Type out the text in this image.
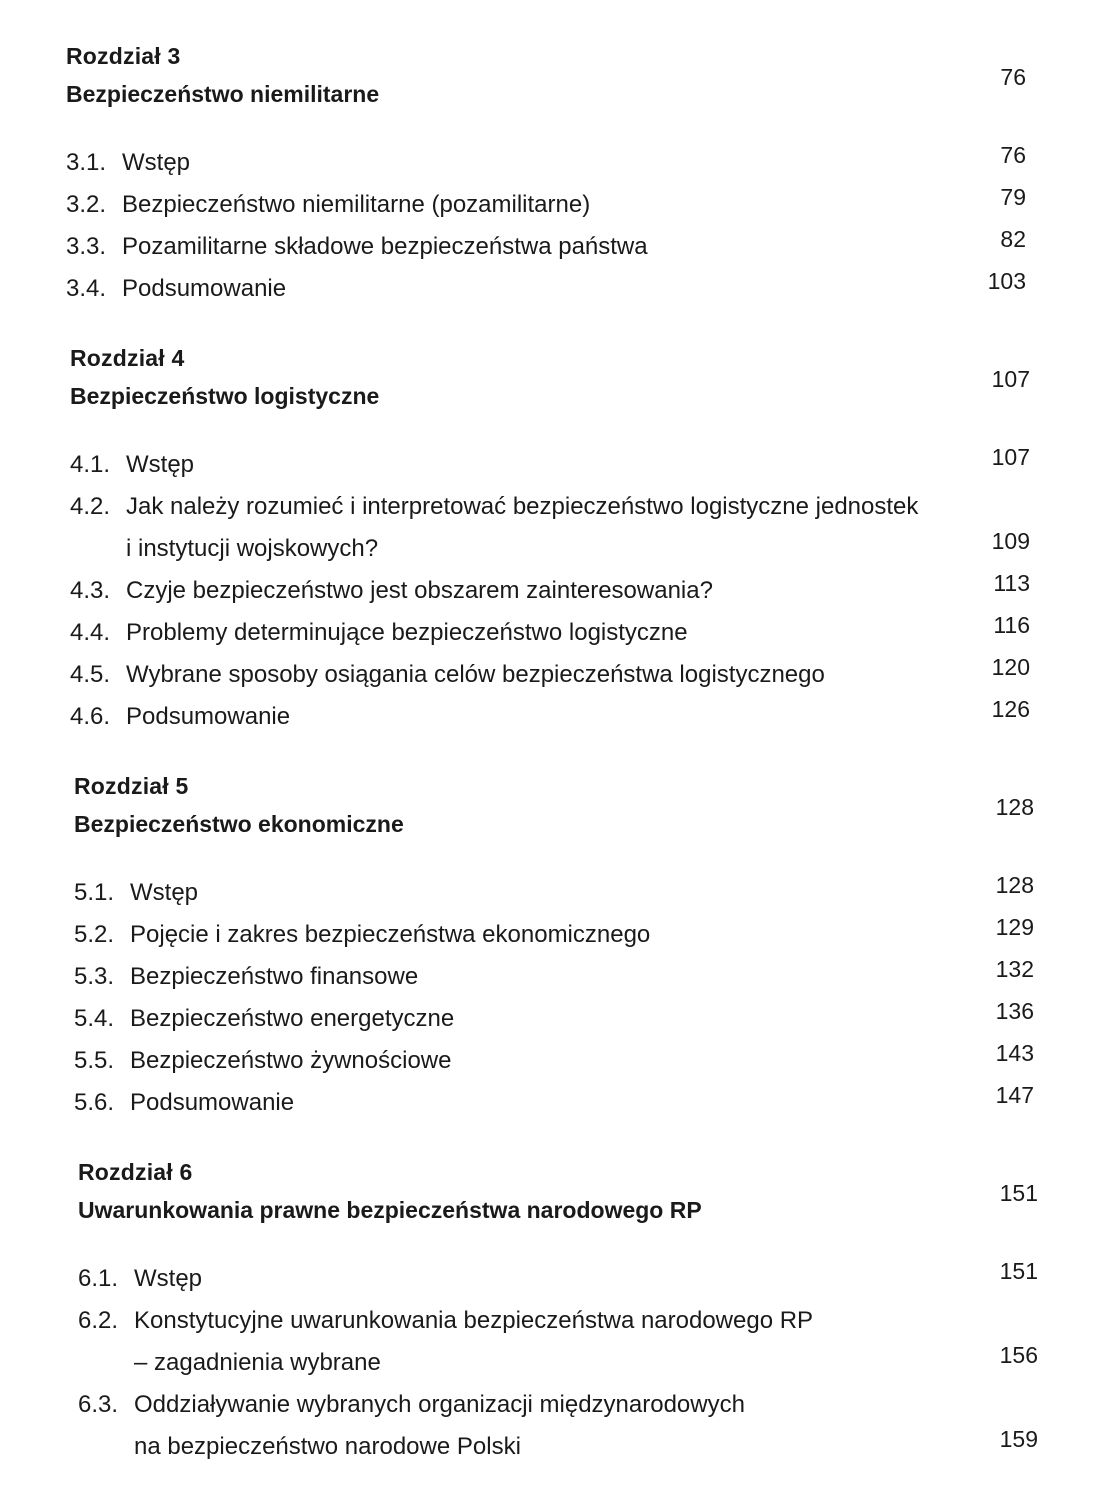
Rozdział 3
Bezpieczeństwo niemilitarne
76
3.1. Wstęp	76
3.2. Bezpieczeństwo niemilitarne (pozamilitarne)	79
3.3. Pozamilitarne składowe bezpieczeństwa państwa	82
3.4. Podsumowanie	103
Rozdział 4
Bezpieczeństwo logistyczne
107
4.1. Wstęp	107
4.2. Jak należy rozumieć i interpretować bezpieczeństwo logistyczne jednostek
i instytucji wojskowych?	109
4.3. Czyje bezpieczeństwo jest obszarem zainteresowania?	113
4.4. Problemy determinujące bezpieczeństwo logistyczne	116
4.5. Wybrane sposoby osiągania celów bezpieczeństwa logistycznego	120
4.6. Podsumowanie	126
Rozdział 5
Bezpieczeństwo ekonomiczne
128
5.1. Wstęp	128
5.2. Pojęcie i zakres bezpieczeństwa ekonomicznego	129
5.3. Bezpieczeństwo finansowe	132
5.4. Bezpieczeństwo energetyczne	136
5.5. Bezpieczeństwo żywnościowe	143
5.6. Podsumowanie	147
Rozdział 6
Uwarunkowania prawne bezpieczeństwa narodowego RP
151
6.1. Wstęp	151
6.2. Konstytucyjne uwarunkowania bezpieczeństwa narodowego RP
– zagadnienia wybrane	156
6.3. Oddziaływanie wybranych organizacji międzynarodowych
na bezpieczeństwo narodowe Polski	159
